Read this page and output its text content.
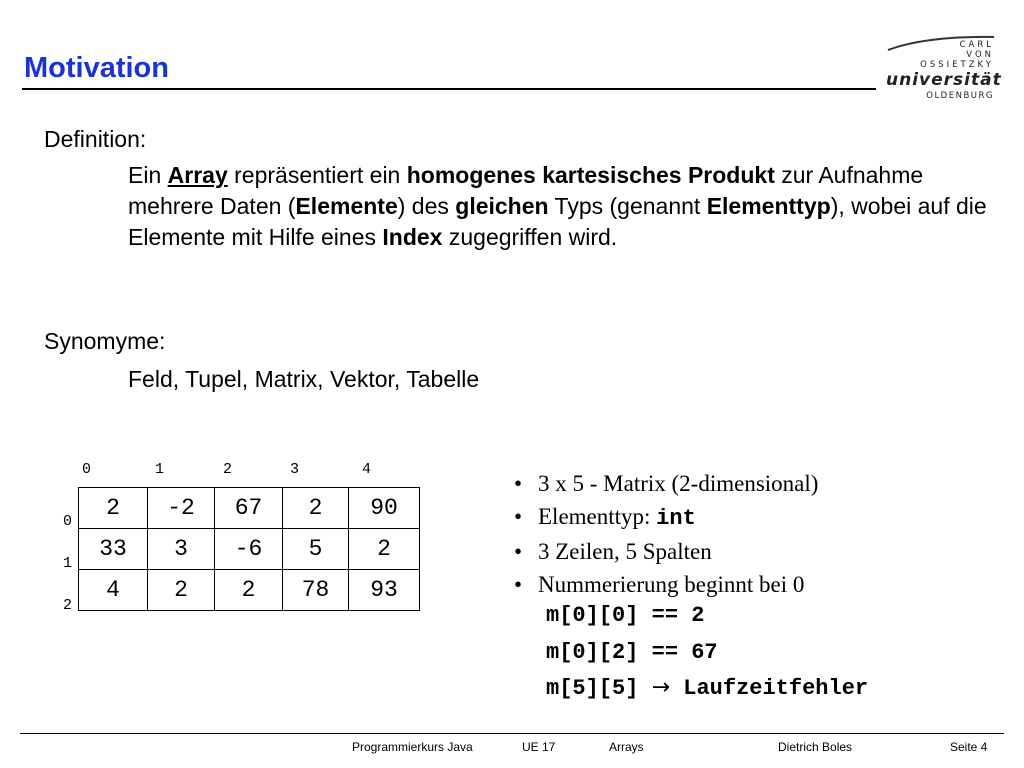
Motivation
CARL
VON
OSSIETZKY
universität
OLDENBURG
Definition:
Ein Array repräsentiert ein homogenes kartesisches Produkt zur Aufnahme mehrere Daten (Elemente) des gleichen Typs (genannt Elementtyp), wobei auf die Elemente mit Hilfe eines Index zugegriffen wird.
Synomyme:
Feld, Tupel, Matrix, Vektor, Tabelle
0	1	2	3	4
0
1
2
2	-2	67	2	90
33	3	-6	5	2
4	2	2	78	93
• 3 x 5 - Matrix (2-dimensional)
• Elementtyp: int
• 3 Zeilen, 5 Spalten
• Nummerierung beginnt bei 0
m[0][0] == 2
m[0][2] == 67
m[5][5] → Laufzeitfehler
Programmierkurs Java	UE 17	Arrays	Dietrich Boles	Seite 4
